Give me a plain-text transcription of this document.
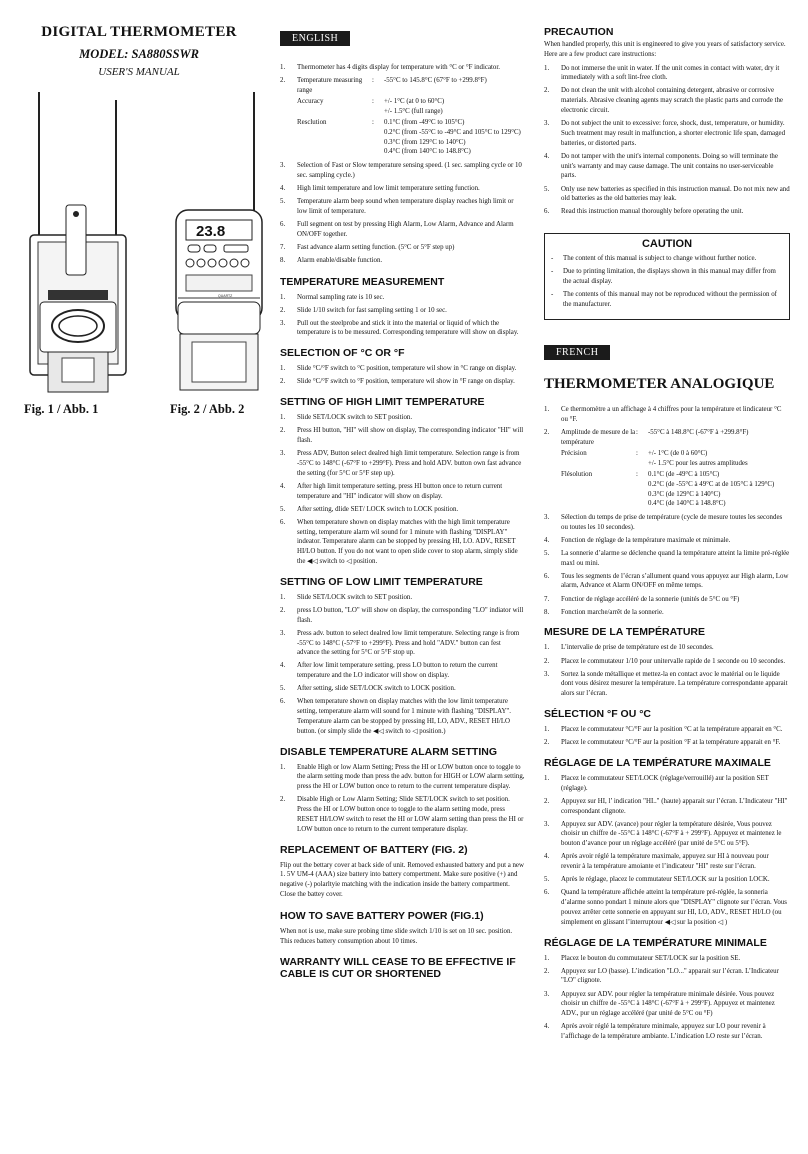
DIGITAL THERMOMETER
MODEL: SA880SSWR
USER'S MANUAL
23.8
QUARTZ
Fig. 1 / Abb. 1	Fig. 2 / Abb. 2
ENGLISH
1. Thermometer has 4 digits display for temperature with °C or °F indicator.
2. Temperature measuring range
:	-55°C to 145.8°C (67°F to +299.8°F)
Accuracy	:	+/- 1°C (at 0 to 60°C)
+/- 1.5°C (full range)
Resclution	:	0.1°C (from -49°C to 105°C)
0.2°C (from -55°C to -49°C and 105°C to 129°C)
0.3°C (from 129°C to 140°C)
0.4°C (from 140°C to 148.8°C)
3. Selection of Fast or Slow temperature sensing speed. (1 sec. sampling cycle or 10 sec. sampling cycle.)
4. High limit temperature and low limit temperature setting function.
5. Temperature alarm beep sound when temperature display reaches high limit or low limit of temperature.
6. Full segment on test by pressing High Alarm, Low Alarm, Advance and Alarm ON/OFF together.
7. Fast advance alarm setting function. (5°C or 5°F step up)
8. Alarm enable/disable function.
TEMPERATURE MEASUREMENT
1. Normal sampling rate is 10 sec.
2. Slide 1/10 switch for fast sampling setting 1 or 10 sec.
3. Pull out the steelprobe and stick it into the material or liquid of which the temperature is to be messured. Corresponding temperature will show on display.
SELECTION OF °C OR °F
1. Slide °C/°F switch to °C position, temperature wil show in °C range on display.
2. Slide °C/°F switch to °F position, temperature wil show in °F range on display.
SETTING OF HIGH LIMIT TEMPERATURE
1. Slide SET/LOCK switch to SET position.
2. Press HI button, "HI" will show on display, The corresponding indicator "HI" will flash.
3. Press ADV, Button select dealred high limit temperature. Selection range is from -55°C to 148°C (-67°F to +299°F). Press and hold ADV. button own fast advance the setting (for 5°C or 5°F step up).
4. After high limit temperature setting, press HI button once to return current temperature and "HI" indicator will show on display.
5. After setting, dlide SET/ LOCK switch to LOCK position.
6. When temperature shown on display matches with the high limit temperature setting, temperature alarm wil sound for 1 minute with flashing "DISPLAY" indeator. Temperature alarm can be stopped by pressing HI, LO. ADV., RESET HI/LO button. If you do not want to open slide cover to stop alarm, simply slide the ◀◁ switch to ◁ position.
SETTING OF LOW LIMIT TEMPERATURE
1. Slide SET/LOCK switch to SET position.
2. press LO button, "LO" will show on display, the corresponding "LO" indiator will flash.
3. Press adv. button to select dealred low limit temperature. Selecting range is from -55°C to 148°C (-57°F to +299°F). Press and hold "ADV." button can fest advance the setting for 5°C or 5°F stop up.
4. After low limit temperature setting, press LO button to return the current temperature and the LO indicator will show on display.
5. After setting, slide SET/LOCK switch to LOCK position.
6. When temperature shown on display matches with the low limit temperature setting, temperature alarm will sound for 1 minute with flashing "DISPLAY". Temperature alarm can be stopped by pressing HI, LO, ADV., RESET HI/LO button. (or simply slide the ◀◁ switch to ◁ position.)
DISABLE TEMPERATURE ALARM SETTING
1. Enable High or low Alarm Setting; Press the HI or LOW button once to toggle to the alarm setting mode than press the adv. button for HIGH or LOW alarm setting, press the HI or LOW button once to return to the current temperature display.
2. Disable High or Low Alarm Setting; Slide SET/LOCK switch to set position. Press the HI or LOW button once to toggle to the alarm setting mode, press RESET HI/LOW switch to reset the HI or LOW alarm setting than press the HI or LOW button once to return to the current temperature display.
REPLACEMENT OF BATTERY (FIG. 2)

Flip out the bettary cover at back side of unit. Removed exhausted battery and put a new 1. 5V UM-4 (AAA) size battery into battery compertment. Make sure positive (+) and negative (-) polarltyie matching with the indication inside the battery compartment. Close the battey cover.

HOW TO SAVE BATTERY POWER (FIG.1)

When not is use, make sure probing time slide switch 1/10 is set on 10 sec. position. This reduces battery consumption about 10 times.

WARRANTY WILL CEASE TO BE EFFECTIVE IF CABLE IS CUT OR SHORTENED
PRECAUTION

When handled properly, this unit is engineered to give you years of satisfactory service. Here are a few product care instructions:

1. Do not immerse the unit in water. If the unit comes in contact with water, dry it immediately with a soft lint-free cloth.
2. Do not clean the unit with alcohol containing detergent, abrasive or corrosive materials. Abrasive cleaning agents may scratch the plastic parts and corrode the electronic circuit.
3. Do not subject the unit to excessive: force, shock, dust, temperature, or humidity. Such treatment may result in malfunction, a shorter electronic life span, damaged batteries, or distorted parts.
4. Do not tamper with the unit's internal components. Doing so will terminate the unit's warranty and may cause damage. The unit contains no user-serviceable parts.
5. Only use new batteries as specified in this instruction manual. Do not mix new and old batteries as the old batteries may leak.
6. Read this instruction manual thoroughly before operating the unit.
CAUTION
- The content of this manual is subject to change without further notice.
- Due to printing limitation, the displays shown in this manual may differ from the actual display.
- The contents of this manual may not be reproduced without the permission of the manufacturer.
FRENCH
THERMOMETER ANALOGIQUE
1. Ce thermomètre a un affichage à 4 chiffres pour la température et lindicateur °C ou °F.
2. Amplitude de mesure de la température
:	-55°C à 148.8°C (-67°F à +299.8°F)
Précision	:	+/- 1°C (de 0 à 60°C)
+/- 1.5°C pour les autres amplitudes
Flésolution	:	0.1°C (de -49°C à 105°C)
0.2°C (de -55°C à 49°C at de 105°C à 129°C)
0.3°C (de 129°C à 140°C)
0.4°C (de 140°C à 148.8°C)
3. Sélection du temps de prise de température (cycle de mesure toutes les secondes ou toutes les 10 secondes).
4. Fonction de réglage de la température maximale et minimale.
5. La sonnerie d’alarme se déclenche quand la température atteint la limite pré-réglée maxl ou mini.
6. Tous les segments de l’écran s’allument quand vous appuyez aur High alarm, Low alarm, Advance et Alarm ON/OFF en même temps.
7. Fonctior de réglage accéléré de la sonnerie (unités de 5°C ou °F)
8. Fonction marche/arrêt de la sonnerie.
MESURE DE LA TEMPÉRATURE
1. L’intervalie de prise de température est de 10 secondes.
2. Placez le commutateur 1/10 pour unitervalle rapide de 1 seconde ou 10 secondes.
3. Sortez la sonde métallique et mettez-la en contact avoc le matérial ou le liquide dont vous désirez mesurer la température. La température correspondante apparait alors sur l’écran.
SÉLECTION °F OU °C
1. Placez le commutateur °C/°F aur la position °C at la température apparait en °C.
2. Placez le commutateur °C/°F aur la position °F at la température apparait en °F.
RÉGLAGE DE LA TEMPÉRATURE MAXIMALE
1. Placez le commutateur SET/LOCK (réglage/verrouillé) aur la position SET (réglage).
2. Appuyez sur HI, l’ indication "HI.." (haute) apparait sur l’écran. L’Indicateur "HI" correspondant clignote.
3. Appuyez sur ADV. (avance) pour régler la température désirée, Vous pouvez choisir un chiffre de -55°C à 148°C (-67°F à + 299°F). Appuyez et maintenez le bouton d’avance pour un réglage accéléré (par unité de 5°C ou 5°F).
4. Après avoir réglé la température maximale, appuyez sur HI à nouveau pour revenir à la température amoiante et l’indicateur "HI" reste sur l’écran.
5. Après le réglage, placez le commutateur SET/LOCK sur la position LOCK.
6. Quand la température affichée atteint la température pré-réglée, la sonneria d’alarme sonno pondart 1 minute alors que "DISPLAY" clignote sur l’écran. Vous pouvez arrêter cette sonnerie en appuyant sur HI, LO, ADV., RESET HI/LO (ou simplement en glissant l’interruptour ◀◁ sur la position ◁ )
RÉGLAGE DE LA TEMPÉRATURE MINIMALE
1. Placez le bouton du commutateur SET/LOCK sur la position SE.
2. Appuyez sur LO (basse). L’indication "LO..." apparait sur l’écran. L’Indicateur "LO" clignote.
3. Appuyez sur ADV. pour régler la température minimale désirée. Vous pouvez choisir un chiffre de -55°C à 148°C (-67°F à + 299°F). Appuyez et maintenez ADV., pur un réglage accéléré (par unité de 5°C ou °F)
4. Après avoir réglé la température minimale, appuyez sur LO pour revenir à l’affichage de la température ambiante. L’indication LO reste sur l’écran.
